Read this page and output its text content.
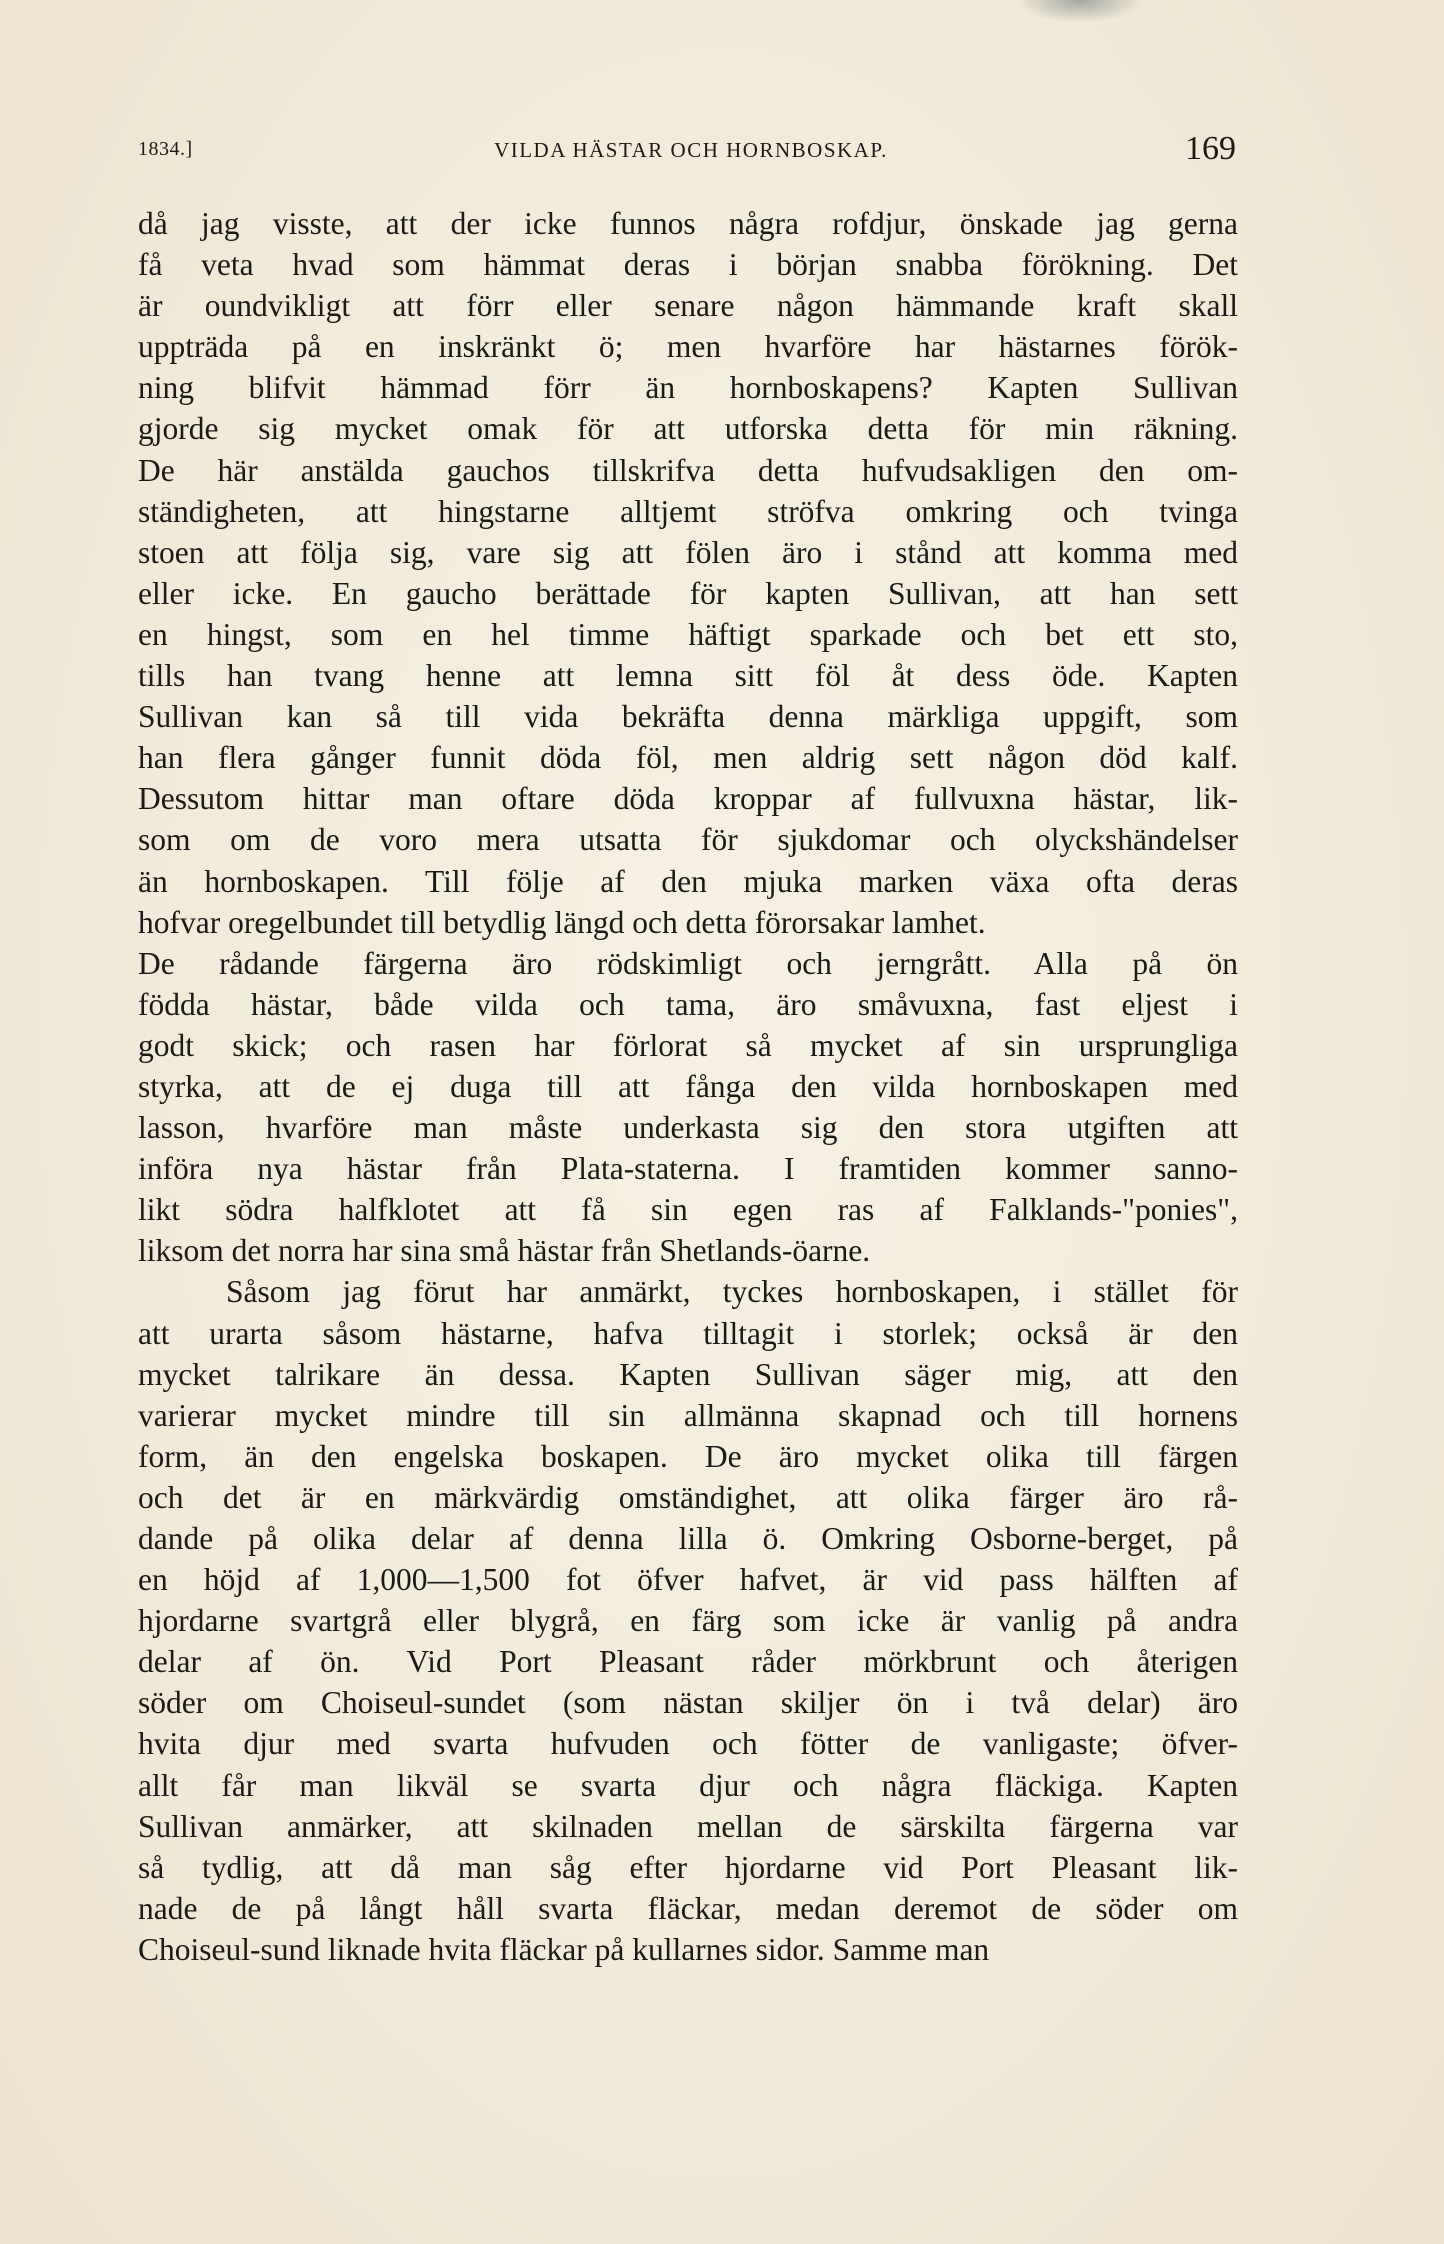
1834.]	VILDA HÄSTAR OCH HORNBOSKAP.	169
då jag visste, att der icke funnos några rofdjur, önskade jag gerna
få veta hvad som hämmat deras i början snabba förökning. Det
är oundvikligt att förr eller senare någon hämmande kraft skall
uppträda på en inskränkt ö; men hvarföre har hästarnes förök-
ning blifvit hämmad förr än hornboskapens? Kapten Sullivan
gjorde sig mycket omak för att utforska detta för min räkning.
De här anstälda gauchos tillskrifva detta hufvudsakligen den om-
ständigheten, att hingstarne alltjemt ströfva omkring och tvinga
stoen att följa sig, vare sig att fölen äro i stånd att komma med
eller icke. En gaucho berättade för kapten Sullivan, att han sett
en hingst, som en hel timme häftigt sparkade och bet ett sto,
tills han tvang henne att lemna sitt föl åt dess öde. Kapten
Sullivan kan så till vida bekräfta denna märkliga uppgift, som
han flera gånger funnit döda föl, men aldrig sett någon död kalf.
Dessutom hittar man oftare döda kroppar af fullvuxna hästar, lik-
som om de voro mera utsatta för sjukdomar och olyckshändelser
än hornboskapen. Till följe af den mjuka marken växa ofta deras
hofvar oregelbundet till betydlig längd och detta förorsakar lamhet.
De rådande färgerna äro rödskimligt och jerngrått. Alla på ön
födda hästar, både vilda och tama, äro småvuxna, fast eljest i
godt skick; och rasen har förlorat så mycket af sin ursprungliga
styrka, att de ej duga till att fånga den vilda hornboskapen med
lasson, hvarföre man måste underkasta sig den stora utgiften att
införa nya hästar från Plata-staterna. I framtiden kommer sanno-
likt södra halfklotet att få sin egen ras af Falklands-"ponies",
liksom det norra har sina små hästar från Shetlands-öarne.
Såsom jag förut har anmärkt, tyckes hornboskapen, i stället för
att urarta såsom hästarne, hafva tilltagit i storlek; också är den
mycket talrikare än dessa. Kapten Sullivan säger mig, att den
varierar mycket mindre till sin allmänna skapnad och till hornens
form, än den engelska boskapen. De äro mycket olika till färgen
och det är en märkvärdig omständighet, att olika färger äro rå-
dande på olika delar af denna lilla ö. Omkring Osborne-berget, på
en höjd af 1,000—1,500 fot öfver hafvet, är vid pass hälften af
hjordarne svartgrå eller blygrå, en färg som icke är vanlig på andra
delar af ön. Vid Port Pleasant råder mörkbrunt och återigen
söder om Choiseul-sundet (som nästan skiljer ön i två delar) äro
hvita djur med svarta hufvuden och fötter de vanligaste; öfver-
allt får man likväl se svarta djur och några fläckiga. Kapten
Sullivan anmärker, att skilnaden mellan de särskilta färgerna var
så tydlig, att då man såg efter hjordarne vid Port Pleasant lik-
nade de på långt håll svarta fläckar, medan deremot de söder om
Choiseul-sund liknade hvita fläckar på kullarnes sidor. Samme man
